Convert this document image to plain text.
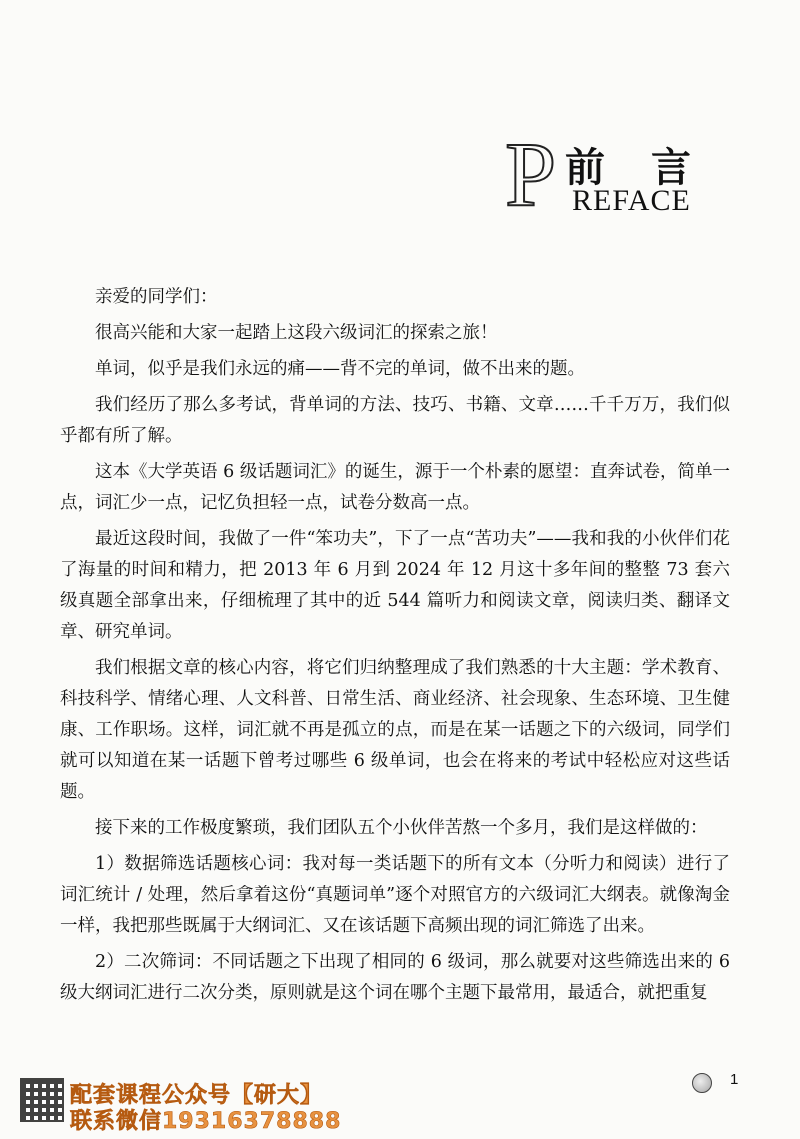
P 前言
REFACE

亲爱的同学们：

很高兴能和大家一起踏上这段六级词汇的探索之旅！

单词，似乎是我们永远的痛——背不完的单词，做不出来的题。

我们经历了那么多考试，背单词的方法、技巧、书籍、文章……千千万万，我们似乎都有所了解。

这本《大学英语 6 级话题词汇》的诞生，源于一个朴素的愿望：直奔试卷，简单一点，词汇少一点，记忆负担轻一点，试卷分数高一点。

最近这段时间，我做了一件“笨功夫”，下了一点“苦功夫”——我和我的小伙伴们花了海量的时间和精力，把 2013 年 6 月到 2024 年 12 月这十多年间的整整 73 套六级真题全部拿出来，仔细梳理了其中的近 544 篇听力和阅读文章，阅读归类、翻译文章、研究单词。

我们根据文章的核心内容，将它们归纳整理成了我们熟悉的十大主题：学术教育、科技科学、情绪心理、人文科普、日常生活、商业经济、社会现象、生态环境、卫生健康、工作职场。这样，词汇就不再是孤立的点，而是在某一话题之下的六级词，同学们就可以知道在某一话题下曾考过哪些 6 级单词，也会在将来的考试中轻松应对这些话题。

接下来的工作极度繁琐，我们团队五个小伙伴苦熬一个多月，我们是这样做的：

1）数据筛选话题核心词：我对每一类话题下的所有文本（分听力和阅读）进行了词汇统计 / 处理，然后拿着这份“真题词单”逐个对照官方的六级词汇大纲表。就像淘金一样，我把那些既属于大纲词汇、又在该话题下高频出现的词汇筛选了出来。

2）二次筛词：不同话题之下出现了相同的 6 级词，那么就要对这些筛选出来的 6 级大纲词汇进行二次分类，原则就是这个词在哪个主题下最常用，最适合，就把重复

配套课程公众号【研大】
联系微信19316378888
1
